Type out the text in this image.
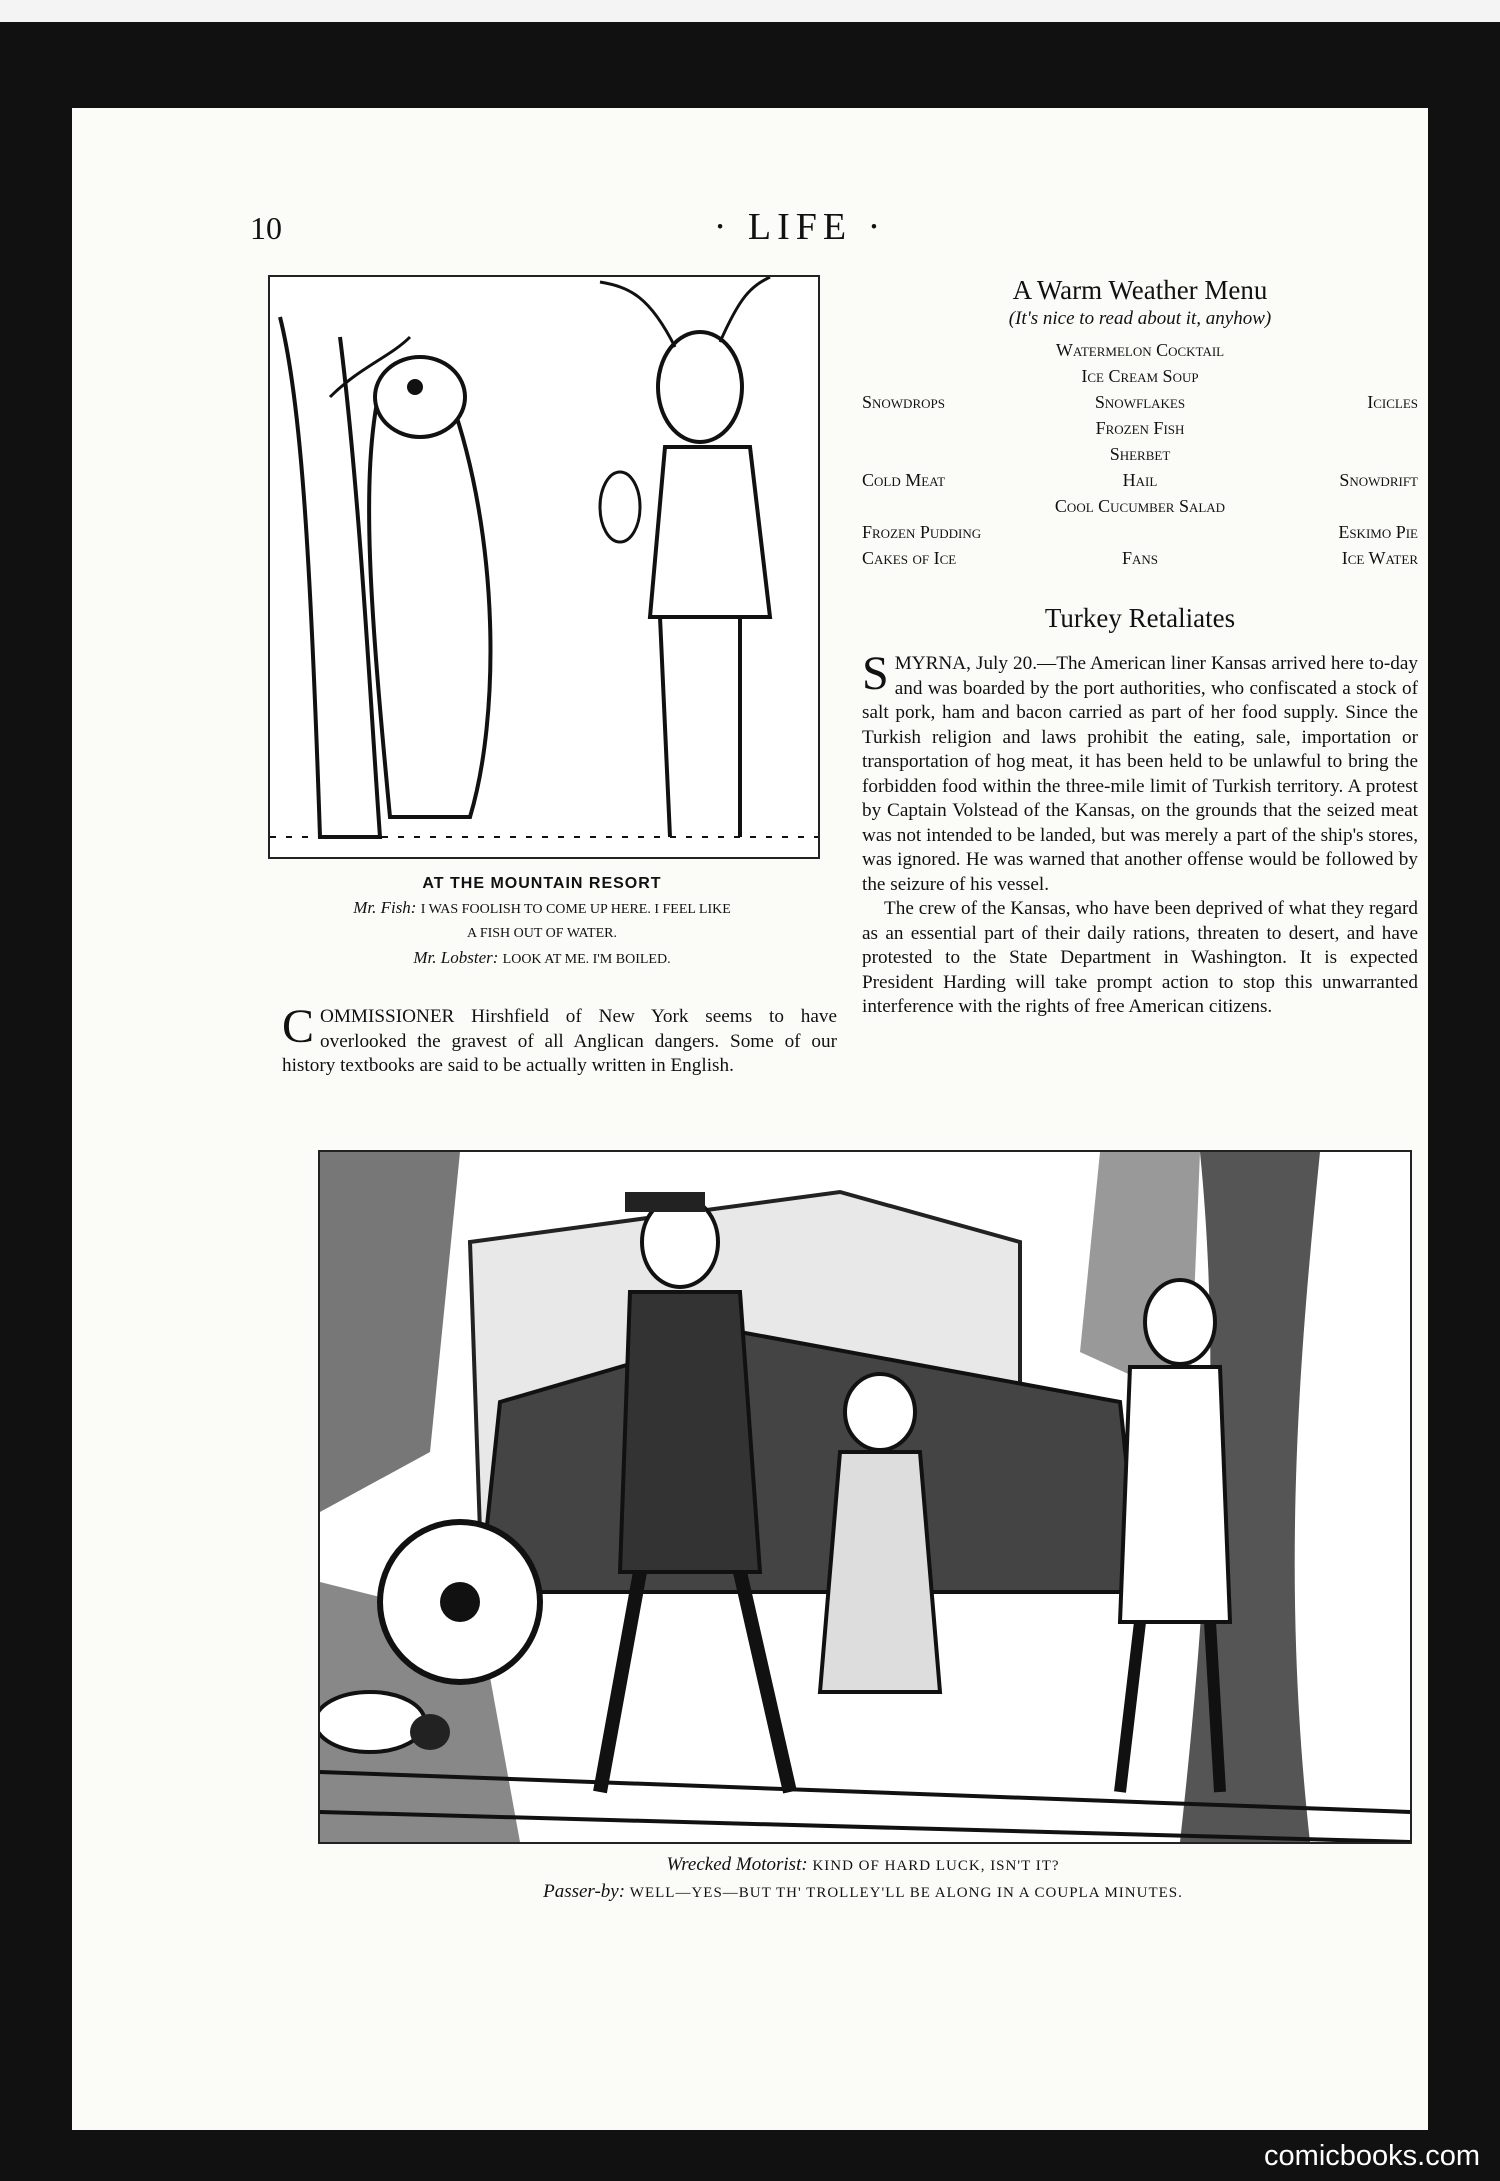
10	· LIFE ·
AT THE MOUNTAIN RESORT
Mr. Fish: I WAS FOOLISH TO COME UP HERE. I FEEL LIKE
A FISH OUT OF WATER.
Mr. Lobster: LOOK AT ME. I'M BOILED.
C OMMISSIONER Hirshfield of New York seems to have overlooked the gravest of all Anglican dangers. Some of our history textbooks are said to be actually written in English.
A Warm Weather Menu
(It's nice to read about it, anyhow)
Watermelon Cocktail
Ice Cream Soup
Snowdrops	Snowflakes	Icicles
Frozen Fish
Sherbet
Cold Meat	Hail	Snowdrift
Cool Cucumber Salad
Frozen Pudding	Eskimo Pie
Cakes of Ice	Fans	Ice Water
Turkey Retaliates

S MYRNA, July 20.—The American liner Kansas arrived here to-day and was boarded by the port authorities, who confiscated a stock of salt pork, ham and bacon carried as part of her food supply. Since the Turkish religion and laws prohibit the eating, sale, importation or transportation of hog meat, it has been held to be unlawful to bring the forbidden food within the three-mile limit of Turkish territory. A protest by Captain Volstead of the Kansas, on the grounds that the seized meat was not intended to be landed, but was merely a part of the ship's stores, was ignored. He was warned that another offense would be followed by the seizure of his vessel.

The crew of the Kansas, who have been deprived of what they regard as an essential part of their daily rations, threaten to desert, and have protested to the State Department in Washington. It is expected President Harding will take prompt action to stop this unwarranted interference with the rights of free American citizens.

Wrecked Motorist: KIND OF HARD LUCK, ISN'T IT?
Passer-by: WELL—YES—BUT TH' TROLLEY'LL BE ALONG IN A COUPLA MINUTES.
comicbooks.com
